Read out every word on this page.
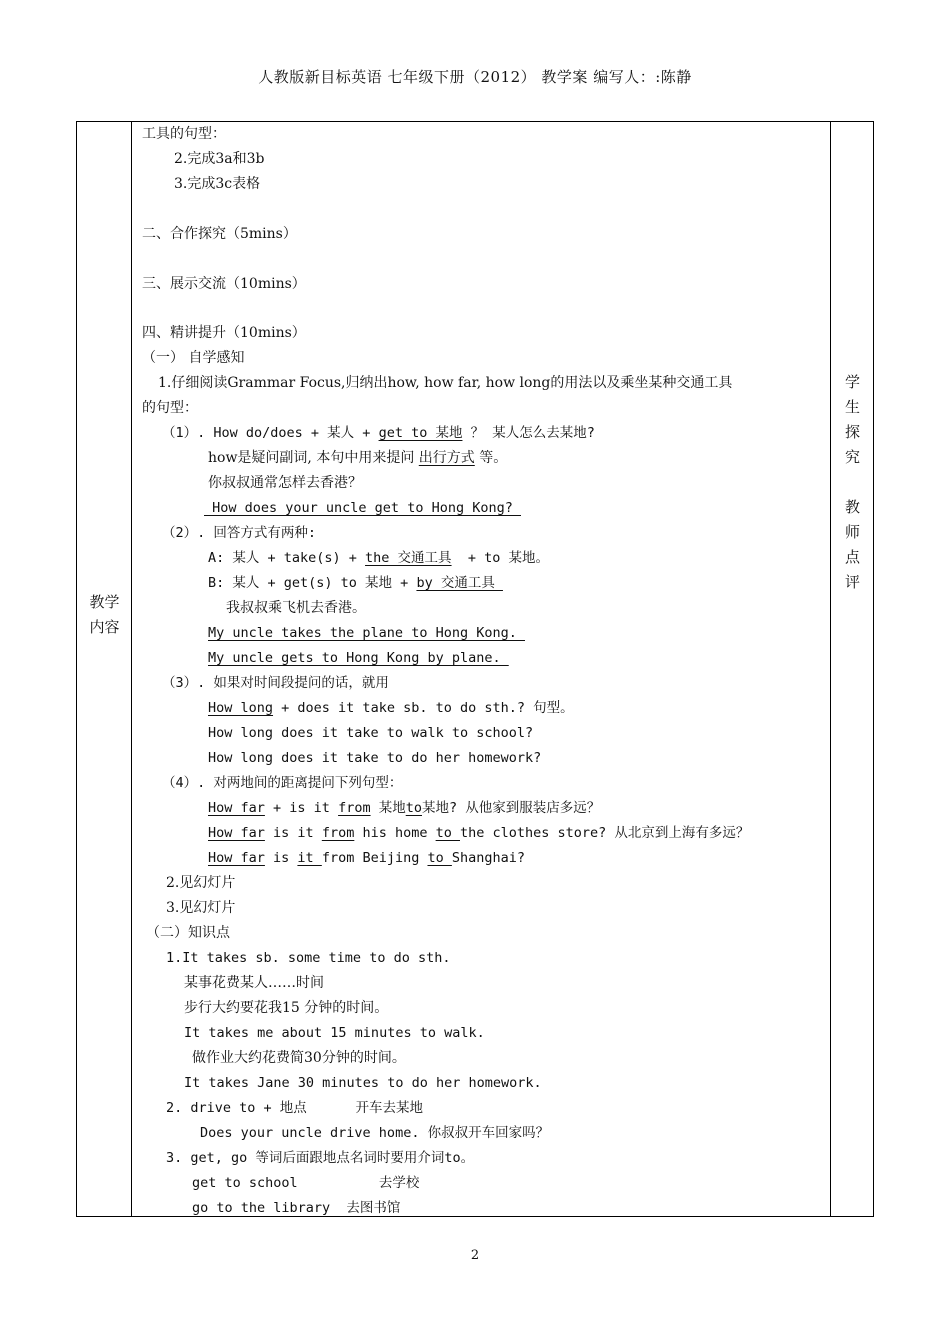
人教版新目标英语 七年级下册（2012） 教学案 编写人：:陈静
教学
内容
学
生
探
究
教
师
点
评
工具的句型：
2.完成3a和3b
3.完成3c表格
二、合作探究（5mins）
三、展示交流（10mins）
四、精讲提升（10mins）
（一） 自学感知
1.仔细阅读Grammar Focus,归纳出how, how far, how long的用法以及乘坐某种交通工具
的句型：
（1）. How do/does + 某人 + get to 某地 ？ 某人怎么去某地?
how是疑问副词, 本句中用来提问 出行方式 等。
你叔叔通常怎样去香港？
How does your uncle get to Hong Kong?
（2）. 回答方式有两种:
A: 某人 + take(s) + the 交通工具  + to 某地。
B: 某人 + get(s) to 某地 + by 交通工具
我叔叔乘飞机去香港。
My uncle takes the plane to Hong Kong.
My uncle gets to Hong Kong by plane.
（3）. 如果对时间段提问的话，就用
How long + does it take sb. to do sth.? 句型。
How long does it take to walk to school?
How long does it take to do her homework?
（4）. 对两地间的距离提问下列句型：
How far + is it from 某地to某地? 从他家到服装店多远？
How far is it from his home to the clothes store? 从北京到上海有多远？
How far is it from Beijing to Shanghai?
2.见幻灯片
3.见幻灯片
（二）知识点
1.It takes sb. some time to do sth.
某事花费某人……时间
步行大约要花我15 分钟的时间。
It takes me about 15 minutes to walk.
做作业大约花费简30分钟的时间。
It takes Jane 30 minutes to do her homework.
2. drive to + 地点      开车去某地
Does your uncle drive home. 你叔叔开车回家吗？
3. get, go 等词后面跟地点名词时要用介词to。
get to school          去学校
go to the library  去图书馆
2
